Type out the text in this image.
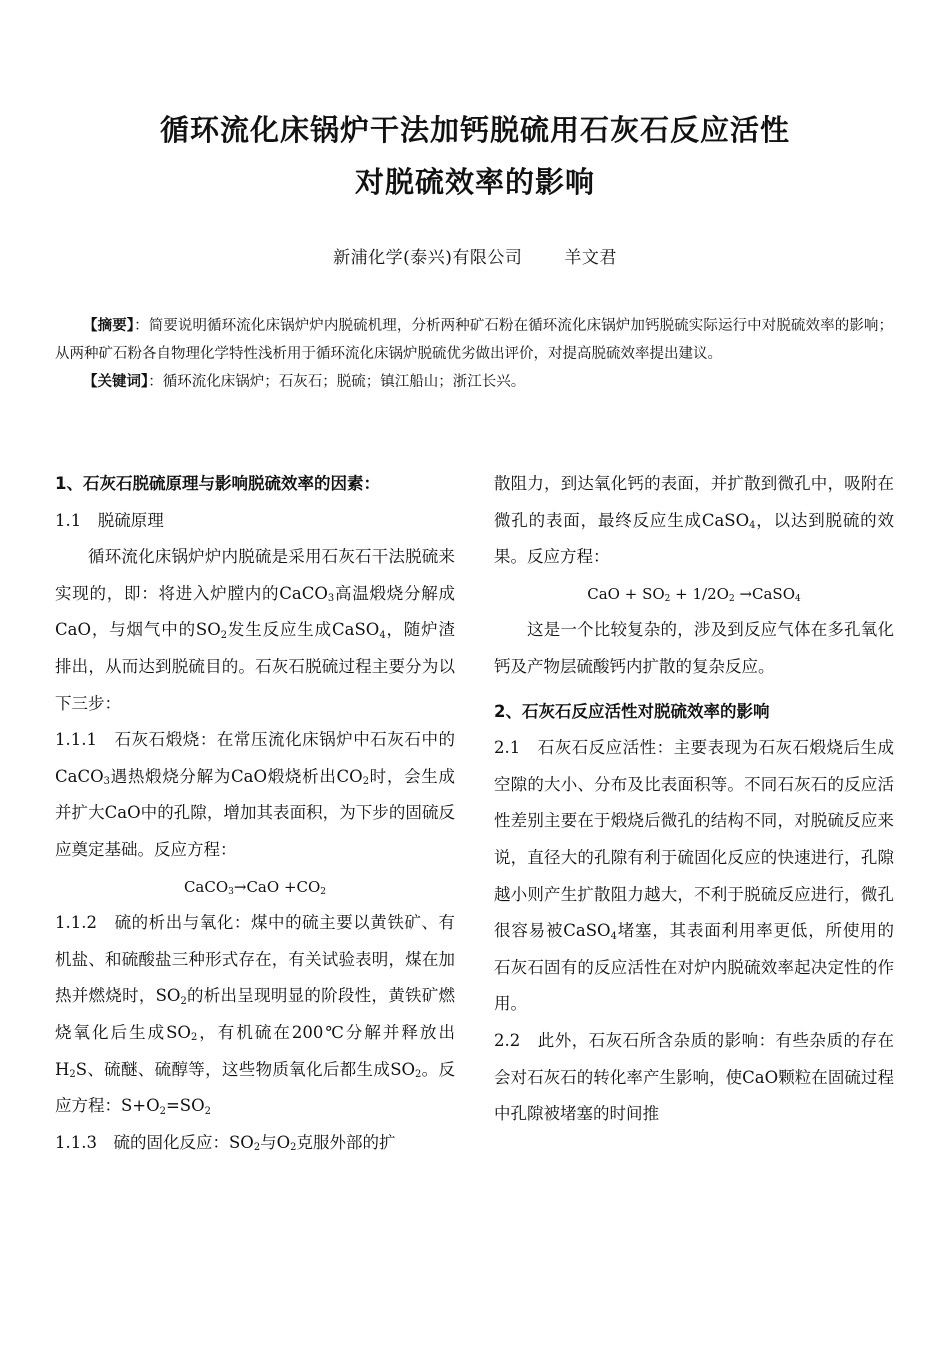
循环流化床锅炉干法加钙脱硫用石灰石反应活性
对脱硫效率的影响
新浦化学(泰兴)有限公司 羊文君

【摘要】：简要说明循环流化床锅炉炉内脱硫机理，分析两种矿石粉在循环流化床锅炉加钙脱硫实际运行中对脱硫效率的影响；从两种矿石粉各自物理化学特性浅析用于循环流化床锅炉脱硫优劣做出评价，对提高脱硫效率提出建议。

【关键词】：循环流化床锅炉；石灰石；脱硫；镇江船山；浙江长兴。

1、石灰石脱硫原理与影响脱硫效率的因素：

1.1　脱硫原理

循环流化床锅炉炉内脱硫是采用石灰石干法脱硫来实现的，即：将进入炉膛内的CaCO$_3$高温煅烧分解成CaO，与烟气中的$SO_2$发生反应生成CaSO$_4$，随炉渣排出，从而达到脱硫目的。石灰石脱硫过程主要分为以下三步：

1.1.1　石灰石煅烧：在常压流化床锅炉中石灰石中的CaCO$_3$遇热煅烧分解为CaO煅烧析出$CO_2$时，会生成并扩大CaO中的孔隙，增加其表面积，为下步的固硫反应奠定基础。反应方程：

CaCO$_3$→CaO $+CO_2$

1.1.2　硫的析出与氧化：煤中的硫主要以黄铁矿、有机盐、和硫酸盐三种形式存在，有关试验表明，煤在加热并燃烧时，$SO_2$的析出呈现明显的阶段性，黄铁矿燃烧氧化后生成$SO_2$，有机硫在200℃分解并释放出$H_2S$、硫醚、硫醇等，这些物质氧化后都生成$SO_2$。反应方程：$S+O_2=SO_2$

1.1.3　硫的固化反应：$SO_2$与$O_2$克服外部的扩

散阻力，到达氧化钙的表面，并扩散到微孔中，吸附在微孔的表面，最终反应生成CaSO$_4$，以达到脱硫的效果。反应方程：

CaO + $SO_2 + 1/2O_2$ →CaSO$_4$

这是一个比较复杂的，涉及到反应气体在多孔氧化钙及产物层硫酸钙内扩散的复杂反应。

2、石灰石反应活性对脱硫效率的影响

2.1　石灰石反应活性：主要表现为石灰石煅烧后生成空隙的大小、分布及比表面积等。不同石灰石的反应活性差别主要在于煅烧后微孔的结构不同，对脱硫反应来说，直径大的孔隙有利于硫固化反应的快速进行，孔隙越小则产生扩散阻力越大，不利于脱硫反应进行，微孔很容易被CaSO$_4$堵塞，其表面利用率更低，所使用的石灰石固有的反应活性在对炉内脱硫效率起决定性的作用。

2.2　此外，石灰石所含杂质的影响：有些杂质的存在会对石灰石的转化率产生影响，使CaO颗粒在固硫过程中孔隙被堵塞的时间推
